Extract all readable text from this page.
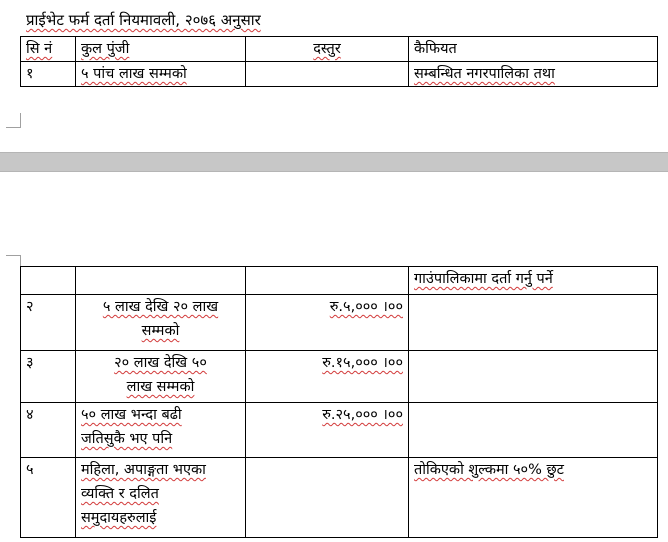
प्राईभेट फर्म दर्ता नियमावली, २०७६ अनुसार
सि नं	कुल पुंजी	दस्तुर	कैफियत
१	५ पांच लाख सम्मको		सम्बन्धित नगरपालिका तथा
			गाउंपालिकामा दर्ता गर्नु पर्ने
२	५ लाख देखि २० लाख
सम्मको	रु.५,००० ।००	
३	२० लाख देखि ५०
लाख सम्मको	रु.१५,००० ।००	
४	५० लाख भन्दा बढी
जतिसुकै भए पनि	रु.२५,००० ।००	
५	महिला, अपाङ्गता भएका
व्यक्ति र दलित
समुदायहरुलाई		तोकिएको शुल्कमा ५०% छुट
